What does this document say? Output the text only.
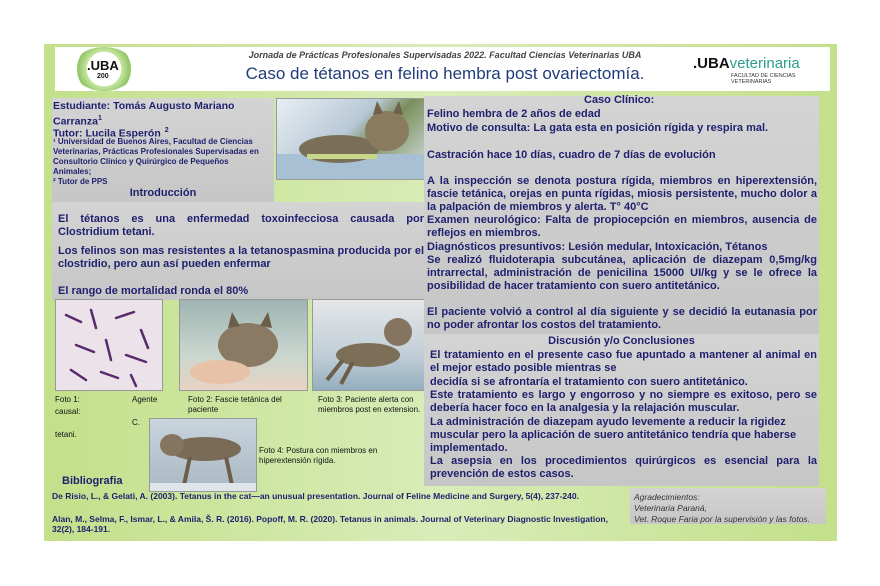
.UBA
200
Jornada de Prácticas Profesionales Supervisadas 2022. Facultad Ciencias Veterinarias UBA
Caso de tétanos en felino hembra post ovariectomía.
.UBAveterinaria
FACULTAD DE CIENCIAS VETERINARIAS
Estudiante: Tomás Augusto Mariano Carranza$^1$
Tutor: Lucila Esperón $^2$
¹ Universidad de Buenos Aires, Facultad de Ciencias Veterinarias, Prácticas Profesionales Supervisadas en Consultorio Clínico y Quirúrgico de Pequeños Animales;
² Tutor de PPS
Introducción
El tétanos es una enfermedad toxoinfecciosa causada por Clostridium tetani.
Los felinos son mas resistentes a la tetanospasmina producida por el clostridio, pero aun así pueden enfermar
El rango de mortalidad ronda el 80%
Foto 1:	Agente
causal:
C.
tetani.
Foto 2: Fascie tetánica del paciente
Foto 3: Paciente alerta con miembros post en extension.
Foto 4: Postura con miembros en hiperextensión rígida.
Bibliografia
De Risio, L., & Gelati, A. (2003). Tetanus in the cat—an unusual presentation. Journal of Feline Medicine and Surgery, 5(4), 237-240.
Alan, M., Selma, F., Ismar, L., & Amila, Š. R. (2016). Popoff, M. R. (2020). Tetanus in animals. Journal of Veterinary Diagnostic Investigation, 32(2), 184-191.
Caso Clínico:
Felino hembra de 2 años de edad
Motivo de consulta: La gata esta en posición rígida y respira mal.
Castración hace 10 días, cuadro de 7 días de evolución
A la inspección se denota postura rígida, miembros en hiperextensión, fascie tetánica, orejas en punta rígidas, miosis persistente, mucho dolor a la palpación de miembros y alerta. T° 40°C
Examen neurológico: Falta de propiocepción en miembros, ausencia de reflejos en miembros.
Diagnósticos presuntivos: Lesión medular, Intoxicación, Tétanos
Se realizó fluidoterapia subcutánea, aplicación de diazepam 0,5mg/kg intrarrectal, administración de penicilina 15000 UI/kg y se le ofrece la posibilidad de hacer tratamiento con suero antitetánico.
El paciente volvió a control al día siguiente y se decidió la eutanasia por no poder afrontar los costos del tratamiento.
Discusión y/o Conclusiones
El tratamiento en el presente caso fue apuntado a mantener al animal en el mejor estado posible mientras se
decidía si se afrontaría el tratamiento con suero antitetánico.
Este tratamiento es largo y engorroso y no siempre es exitoso, pero se debería hacer foco en la analgesia y la relajación muscular.
La administración de diazepam ayudo levemente a reducir la rigidez muscular pero la aplicación de suero antitetánico tendría que haberse implementado.
La asepsia en los procedimientos quirúrgicos es esencial para la prevención de estos casos.
Agradecimientos:
Veterinaria Paraná,
Vet. Roque Faria por la supervisión y las fotos.
